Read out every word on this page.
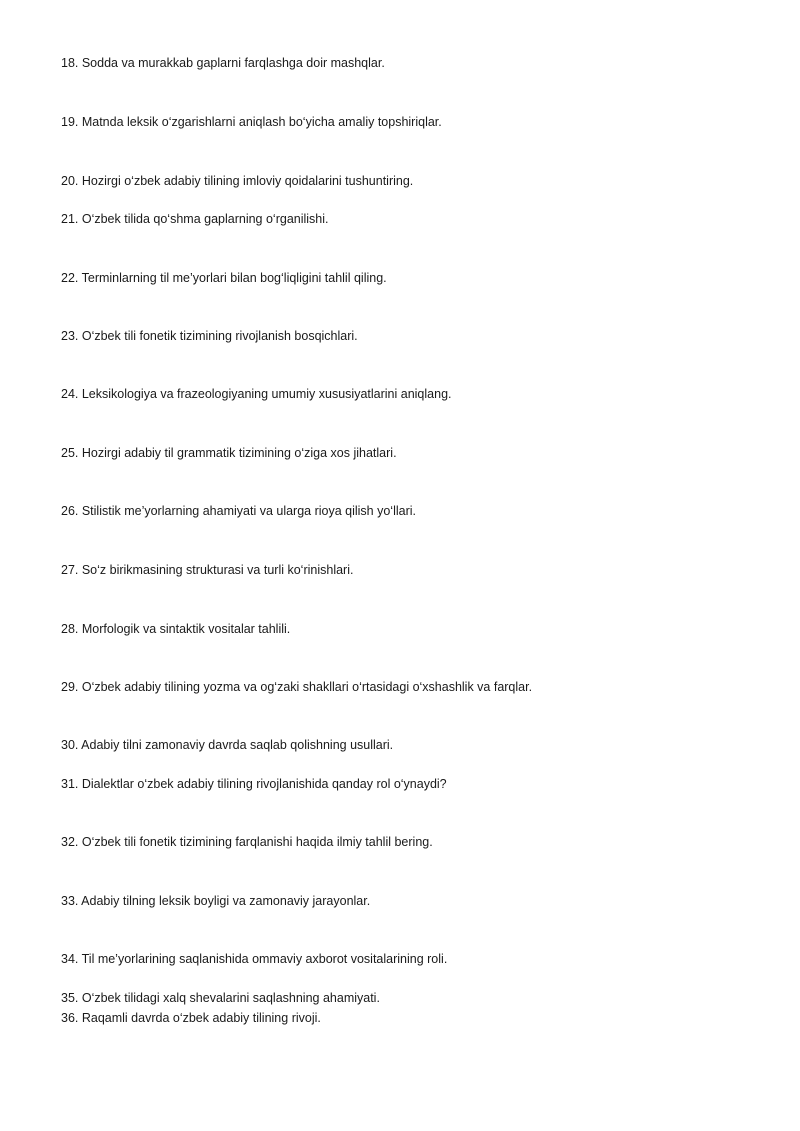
18. Sodda va murakkab gaplarni farqlashga doir mashqlar.
19. Matnda leksik o‘zgarishlarni aniqlash bo‘yicha amaliy topshiriqlar.
20. Hozirgi o‘zbek adabiy tilining imloviy qoidalarini tushuntiring.
21. O‘zbek tilida qo‘shma gaplarning o‘rganilishi.
22. Terminlarning til me’yorlari bilan bog‘liqligini tahlil qiling.
23. O‘zbek tili fonetik tizimining rivojlanish bosqichlari.
24. Leksikologiya va frazeologiyaning umumiy xususiyatlarini aniqlang.
25. Hozirgi adabiy til grammatik tizimining o‘ziga xos jihatlari.
26. Stilistik me’yorlarning ahamiyati va ularga rioya qilish yo‘llari.
27. So‘z birikmasining strukturasi va turli ko‘rinishlari.
28. Morfologik va sintaktik vositalar tahlili.
29. O‘zbek adabiy tilining yozma va og‘zaki shakllari o‘rtasidagi o‘xshashlik va farqlar.
30. Adabiy tilni zamonaviy davrda saqlab qolishning usullari.
31. Dialektlar o‘zbek adabiy tilining rivojlanishida qanday rol o‘ynaydi?
32. O‘zbek tili fonetik tizimining farqlanishi haqida ilmiy tahlil bering.
33. Adabiy tilning leksik boyligi va zamonaviy jarayonlar.
34. Til me’yorlarining saqlanishida ommaviy axborot vositalarining roli.
35. O‘zbek tilidagi xalq shevalarini saqlashning ahamiyati.
36. Raqamli davrda o‘zbek adabiy tilining rivoji.
